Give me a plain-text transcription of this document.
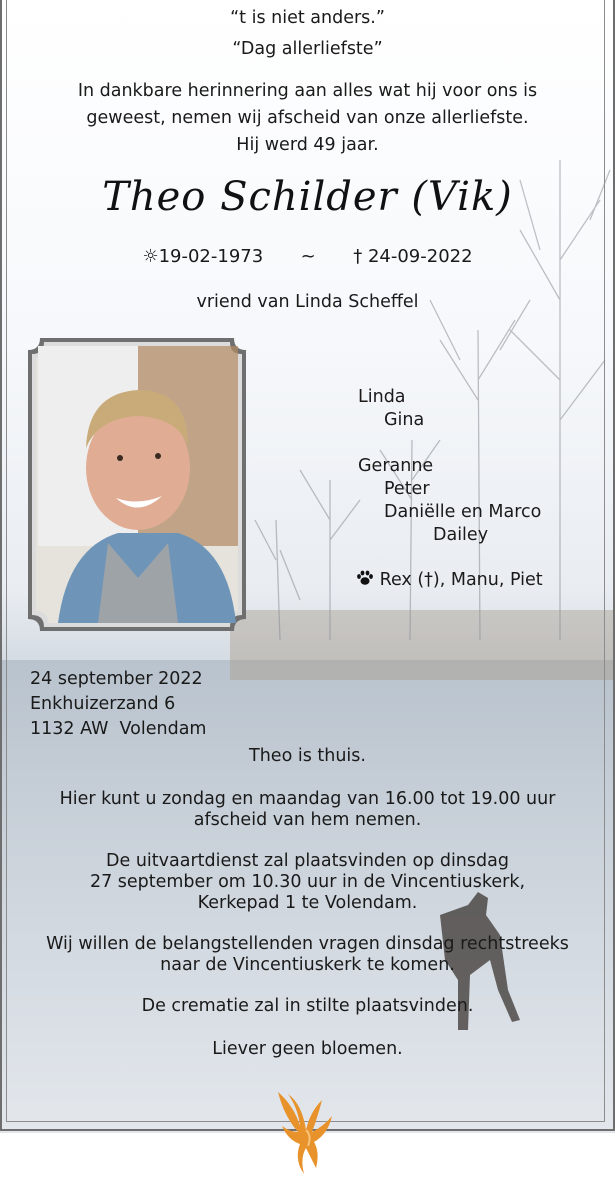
“t is niet anders.”
“Dag allerliefste”
In dankbare herinnering aan alles wat hij voor ons is
geweest, nemen wij afscheid van onze allerliefste.
Hij werd 49 jaar.
Theo Schilder (Vik)
☼19-02-1973 ~ † 24-09-2022
vriend van Linda Scheffel
Linda
Gina
Geranne
Peter
Daniëlle en Marco
Dailey
Rex (†), Manu, Piet
24 september 2022
Enkhuizerzand 6
1132 AW  Volendam
Theo is thuis.
Hier kunt u zondag en maandag van 16.00 tot 19.00 uur
afscheid van hem nemen.
De uitvaartdienst zal plaatsvinden op dinsdag
27 september om 10.30 uur in de Vincentiuskerk,
Kerkepad 1 te Volendam.
Wij willen de belangstellenden vragen dinsdag rechtstreeks
naar de Vincentiuskerk te komen.
De crematie zal in stilte plaatsvinden.
Liever geen bloemen.
